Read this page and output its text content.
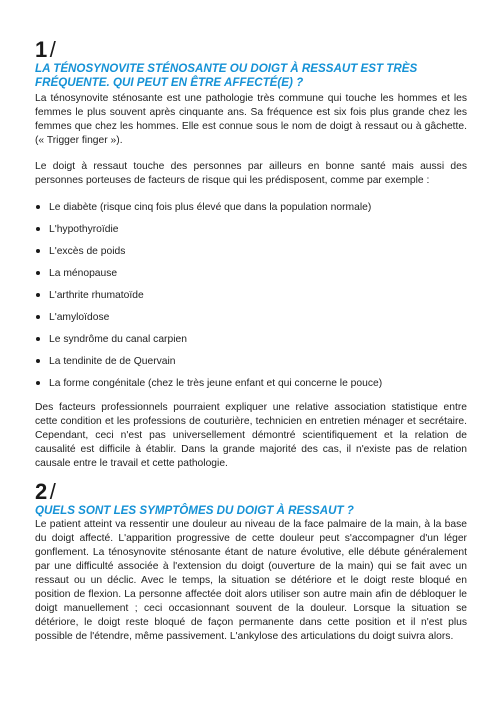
1/
LA TÉNOSYNOVITE STÉNOSANTE OU DOIGT À RESSAUT EST TRÈS FRÉQUENTE. QUI PEUT EN ÊTRE AFFECTÉ(E) ?

La ténosynovite sténosante est une pathologie très commune qui touche les hommes et les femmes le plus souvent après cinquante ans. Sa fréquence est six fois plus grande chez les femmes que chez les hommes. Elle est connue sous le nom de doigt à ressaut ou à gâchette. (« Trigger finger »).

Le doigt à ressaut touche des personnes par ailleurs en bonne santé mais aussi des personnes porteuses de facteurs de risque qui les prédisposent, comme par exemple :

Le diabète (risque cinq fois plus élevé que dans la population normale)
L'hypothyroïdie
L'excès de poids
La ménopause
L'arthrite rhumatoïde
L'amyloïdose
Le syndrôme du canal carpien
La tendinite de de Quervain
La forme congénitale (chez le très jeune enfant et qui concerne le pouce)

Des facteurs professionnels pourraient expliquer une relative association statistique entre cette condition et les professions de couturière, technicien en entretien ménager et secrétaire. Cependant, ceci n'est pas universellement démontré scientifiquement et la relation de causalité est difficile à établir. Dans la grande majorité des cas, il n'existe pas de relation causale entre le travail et cette pathologie.

2/
QUELS SONT LES SYMPTÔMES DU DOIGT À RESSAUT ?

Le patient atteint va ressentir une douleur au niveau de la face palmaire de la main, à la base du doigt affecté. L'apparition progressive de cette douleur peut s'accompagner d'un léger gonflement. La ténosynovite sténosante étant de nature évolutive, elle débute généralement par une difficulté associée à l'extension du doigt (ouverture de la main) qui se fait avec un ressaut ou un déclic. Avec le temps, la situation se détériore et le doigt reste bloqué en position de flexion. La personne affectée doit alors utiliser son autre main afin de débloquer le doigt manuellement ; ceci occasionnant souvent de la douleur. Lorsque la situation se détériore, le doigt reste bloqué de façon permanente dans cette position et il n'est plus possible de l'étendre, même passivement. L'ankylose des articulations du doigt suivra alors.
